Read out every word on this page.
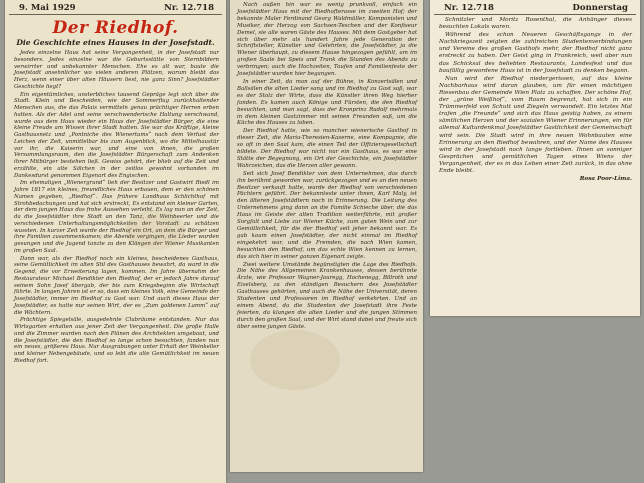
9. Mai 1929	Nr. 12.718
Der Riedhof.
Die Geschichte eines Hauses in der Josefstadt.

Jedes einzelne Haus hat seine Vergangenheit, in der Josefstadt nur besonders. Jedes einzelne war die Geburtsstätte von Sternbildern verwirrter und unbekannter Menschen. Ehe es alt war, baute die Josefstadt ansehnlicher wo vielen anderen Plätzen, warum bleibt das Herz, wenn einer über alten Häusern liest, nie ganz Sinn? Josefstädter Geschichte liegt?

Ein eigentümliches, unsterbliches tausend Gepräge legt sich über die Stadt. Klein und Bescheiden, wie der Sommerflug zurückhaltender Menschen aus, die das Palais vermitteln genau prächtiger Herren erben hatten. Als der Adel und seine verschwenderische Haltung verschwand, wurde aus dem Haus wieder ein Haus der Josefstädter Bürger, die eine kleine Freude am Wissen ihrer Stadt hatten. Sie war das Kräftige, kleine Gasthausnetz und „Pontniche des Wienertums“ nach dem Verlust der Leichen der Zeit, unmittelbar bis zum Augenblick, wo die Mittelhaustür vor ihr, die Kaiserin war, und eine von ihnen, die großen Versammlungsraum, den die Josefstädter Bürgerschaft zum Andenken ihrer Mitbürger bestehen ließ. Gewiss gehört, der blieb auf die Zeit und erzählte, ein alte Sälchen in der zeitlos gewohnt vorhanden im Dankesdurst genommen Eigenart des Engischen.

Im ehemaligen „Wienergrund“ lieh der Besitzer und Gastwirt Riedl im Jahre 1817 ein kleines, freundliches Haus erbauen, dem er den schönen Namen gegeben, „Riedhof“. Das frühere Landhaus Schlichthof mit Strohbedachungen und hat sich erstreckt, Es entstand ein kleiner Garten, der dem jungen Haus das frohe Aussehen verleiht. Es lag nun an der Zeit, da die Josefstädter ihre Stadt an den Tanz, die Weinbeerler und die verschiedenen Unterhaltungsmöglichkeiten der Vorstadt zu schätzen wussten. In kurzer Zeit wurde der Riedhof ein Ort, an dem die Bürger und ihre Familien zusammenkamen; die Abende vergingen, die Lieder wurden gesungen und die Jugend tanzte zu den Klängen der Wiener Musikanten im großen Saal.

Dann war, als der Riedhof noch ein kleines, bescheidenes Gasthaus, seine Gemütlichkeit im alten Stil des Gasthauses bewahrt, da ward in die Gegend, die vor Erweiterung lagen, kommen. Im Jahre übernahm der Restaurateur Michael Bendikter den Riedhof, der er jedoch Jahre darauf seinem Sohn Josef übergab, der bis zum Kriegsbeginn die Wirtschaft führte. In langen Jahren ist er so, dass ein kleines Volk, eine Gemeinde der Josefstädter, immer im Riedhof zu Gast war. Und auch dieses Haus der Josefstädter, es hatte nur seinen Wirt, der es „Zum goldenen Lamm“ auf die Wächtern.

Prächtige Spiegelsäle, ausgedehnte Clubräume entstanden. Nur das Wirtsgarten erhalten aus jener Zeit der Vergangenheit. Die große Halle und die Zimmer wurden nach den Plänen des Architekten umgebaut, und die Josefstädter, die den Riedhof so lange schon besuchten, fanden nun ein neues, größeres Haus. Nur Ausgrabungen unter Erhalt der Weinkeller und kleiner Nebengebäude, und so lebt die alte Gemütlichkeit im neuen Riedhof fort.

Nach außen hin war es wenig prunkvoll, einfach ein Josefstädter Haus mit der Riedhofterasse im zweiten Hof; der bekannte Maler Ferdinand Georg Waldmüller, Komponisten und Musiker, der Herzog von Sachsen-Teschen und der Konfiseur Demel, sie alle waren Gäste des Hauses. Mit dem Gastgeber hat sich über mehr als hundert Jahre jede Generation der Schriftsteller, Künstler und Gelehrten, die Josefstädter, ja die Wiener überhaupt, zu diesem Hause hingezogen gefühlt, um im großen Saale bei Speis und Trank die Stunden des Abends zu verbringen; auch die Hochzeiten, Taufen und Familienfeste der Josefstädter wurden hier begangen.

In einer Zeit, da man auf der Bühne, in Konzertsälen und Ballsälen die alten Lieder sang und im Riedhof zu Gast saß, war es der Stolz der Wirte, dass die Künstler ihren Weg hierher fanden. Es kamen auch Könige und Fürsten, die den Riedhof besuchten, und man sagt, dass der Kronprinz Rudolf mehrmals in dem kleinen Gastzimmer mit seinen Freunden saß, um die Küche des Hauses zu loben.

Der Riedhof hatte, wie so mancher wienerische Gasthof in dieser Zeit, die Maria-Theresien-Kaserne, eine Kompagnie, die so oft in den Saal kam, die einen Teil der Offiziersgesellschaft bildete. Der Riedhof war nicht nur ein Gasthaus, es war eine Stätte der Begegnung, ein Ort der Geschichte, ein Josefstädter Wahrzeichen, das die Herzen aller gewann.

Seit sich Josef Bendikter von dem Unternehmen, das durch ihn berühmt geworden war, zurückgezogen und es an den neuen Besitzer verkauft hatte, wurde der Riedhof von verschiedenen Pächtern geführt. Der bekannteste unter ihnen, Karl Maly, ist den älteren Josefstädtern noch in Erinnerung. Die Leitung des Unternehmens ging dann an die Familie Schieche über, die das Haus im Geiste der alten Tradition weiterführte, mit großer Sorgfalt und Liebe zur Wiener Küche, zum guten Wein und zur Gemütlichkeit, für die der Riedhof seit jeher bekannt war. Es gab kaum einen Josefstädter, der nicht einmal im Riedhof eingekehrt war, und die Fremden, die nach Wien kamen, besuchten den Riedhof, um das echte Wien kennen zu lernen, das sich hier in seiner ganzen Eigenart zeigte.

Zwei weitere Umstände begünstigten die Lage des Riedhofs. Die Nähe des Allgemeinen Krankenhauses, dessen berühmte Ärzte, wie Professor Wagner-Jauregg, Hochenegg, Billroth und Eiselsberg, zu den ständigen Besuchern des Josefstädter Gasthauses gehörten, und auch die Nähe der Universität, deren Studenten und Professoren im Riedhof verkehrten. Und an einem Abend, da die Studenten der Josefstadt ihre Feste feierten, da klangen die alten Lieder und die jungen Stimmen durch den großen Saal, und der Wirt stand dabei und freute sich über seine jungen Gäste.

Nr. 12.718	Donnerstag

Schnitzler und Moritz Rosenthal, die Anhänger dieses besuchten Lokals waren.

Während des schon Neueren Geschäftsgangs in der Nachkriegszeit zeigten die zahlreichen Studentenverbindungen und Vereine des großen Gasthofs mehr, der Riedhof nicht ganz erstreckt zu haben. Der Geist ging in Frankreich, weil aber nun das Schicksal des beliebten Restaurants, Landesfest und das baufällig gewordene Haus ist in der Josefstadt zu denken begann.

Nun wird der Riedhof niedergerissen, auf das kleine Nachbarhaus wird daran glauben, um für einen mächtigen Riesenbau der Gemeinde Wien Platz zu schaffen. Der schöne Hof, der „grüne Weißhof“, vom Raum begrenzt, hat sich in ein Trümmerfeld von Schutt und Ziegeln verwandelt. Ein letztes Mal trafen „die Freunde“ und sich das Haus geistig haben, zu einem sämtlichen Herzen und der sozialen Wiener Erinnerungen, ein für allemal Kulturdenkmal Josefstädter Gastlichkeit der Gemeinschaft wird sein. Die Stadt wird in ihre neuen Wohnbauten eine Erinnerung an den Riedhof bewahren, und der Name des Hauses wird in der Josefstadt noch lange fortleben. Ihnen an sonniger Gesprächen und gemütlichen Tagen eines Wiens der Vergangenheit, der es in das Leben einer Zeit zurück, in das ohne Ende bleibt.

Rosa Poor-Lima.
